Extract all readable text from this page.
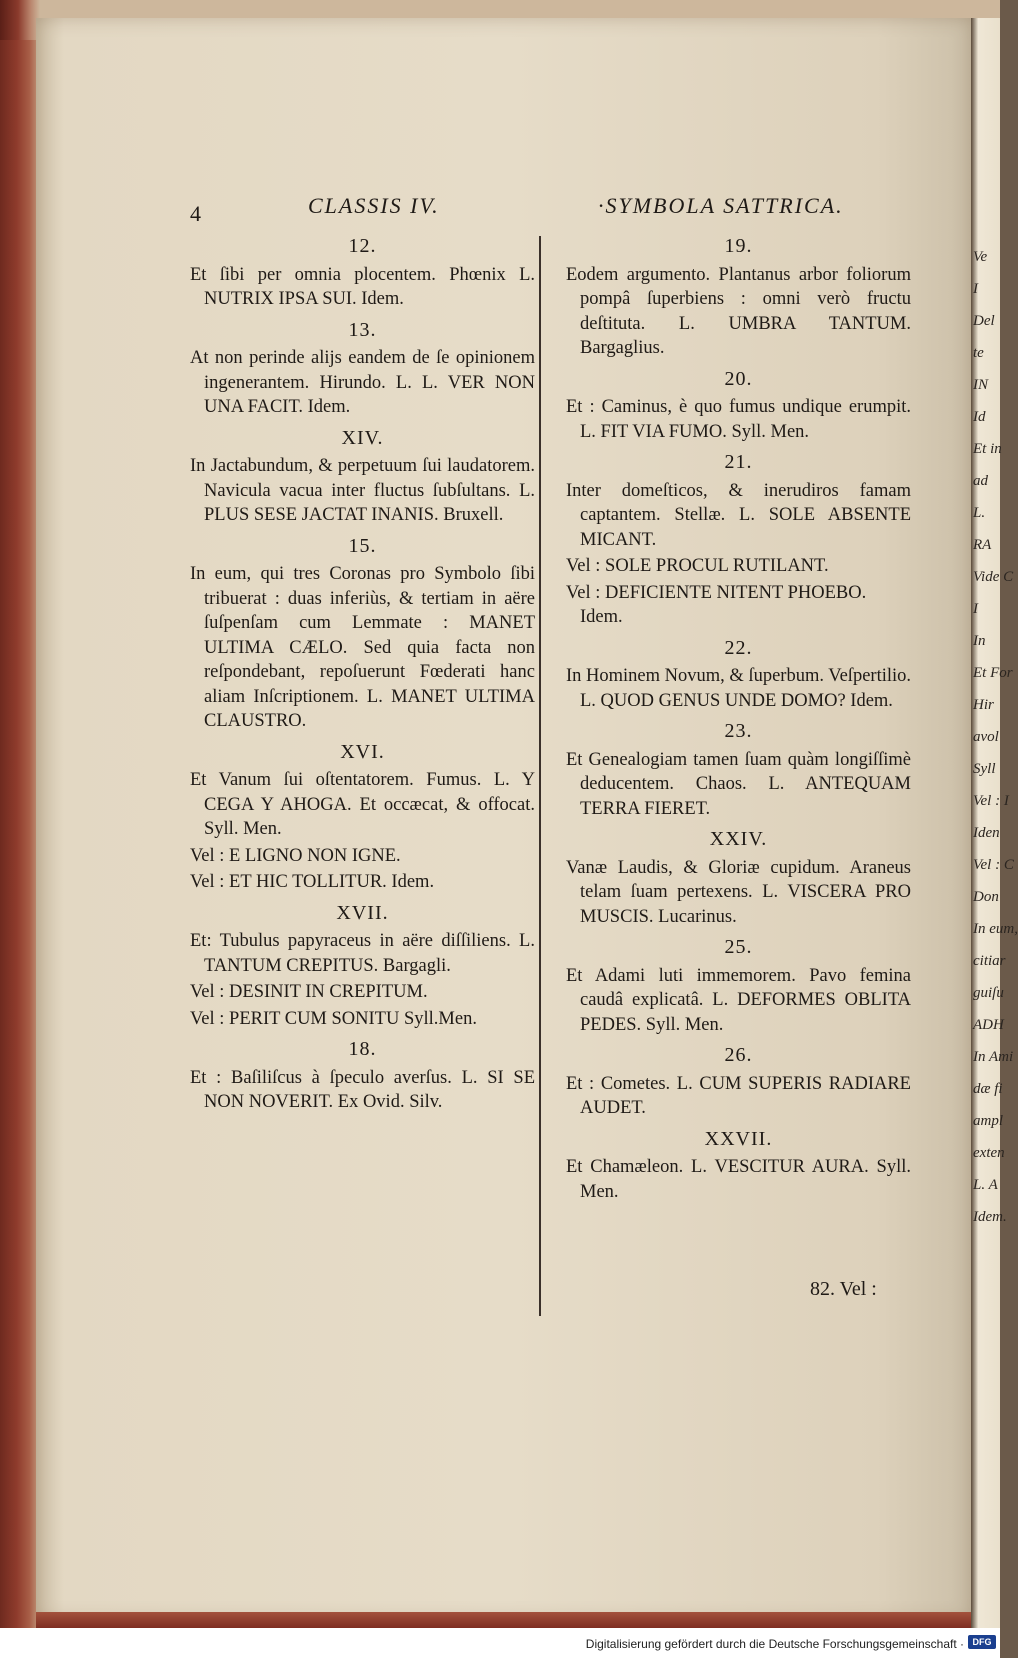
Ve
I
Del
te
IN
Id
Et in
ad
L.
RA
Vide C
I
In
Et For
Hir
avol
Syll
Vel : I
Iden
Vel : C
Don
In eum,
citiar
guiſu
ADH
In Ami
dæ fi
ampl
exten
L. A
Idem.
4	CLASSIS IV.	·SYMBOLA SATTRICA.
12.
Et ſibi per omnia plocentem. Phœnix L. NUTRIX IPSA SUI. Idem.
13.
At non perinde alijs eandem de ſe opinionem ingenerantem. Hirundo. L. L. VER NON UNA FACIT. Idem.
XIV.
In Jactabundum, & perpetuum ſui laudatorem. Navicula vacua inter fluctus ſubſultans. L. PLUS SESE JACTAT INANIS. Bruxell.
15.
In eum, qui tres Coronas pro Symbolo ſibi tribuerat : duas inferiùs, & tertiam in aëre ſuſpenſam cum Lemmate : MANET ULTIMA CÆLO. Sed quia facta non reſpondebant, repoſuerunt Fœderati hanc aliam Inſcriptionem. L. MANET ULTIMA CLAUSTRO.
XVI.
Et Vanum ſui oſtentatorem. Fumus. L. Y CEGA Y AHOGA. Et occæcat, & offocat. Syll. Men.
Vel : E LIGNO NON IGNE.
Vel : ET HIC TOLLITUR. Idem.
XVII.
Et: Tubulus papyraceus in aëre diſſiliens. L. TANTUM CREPITUS. Bargagli.
Vel : DESINIT IN CREPITUM.
Vel : PERIT CUM SONITU Syll.Men.
18.
Et : Baſiliſcus à ſpeculo averſus. L. SI SE NON NOVERIT. Ex Ovid. Silv.
19.
Eodem argumento. Plantanus arbor foliorum pompâ ſuperbiens : omni verò fructu deſtituta. L. UMBRA TANTUM. Bargaglius.
20.
Et : Caminus, è quo fumus undique erumpit. L. FIT VIA FUMO. Syll. Men.
21.
Inter domeſticos, & inerudiros famam captantem. Stellæ. L. SOLE ABSENTE MICANT.
Vel : SOLE PROCUL RUTILANT.
Vel : DEFICIENTE NITENT PHOEBO. Idem.
22.
In Hominem Novum, & ſuperbum. Veſpertilio. L. QUOD GENUS UNDE DOMO? Idem.
23.
Et Genealogiam tamen ſuam quàm longiſſimè deducentem. Chaos. L. ANTEQUAM TERRA FIERET.
XXIV.
Vanæ Laudis, & Gloriæ cupidum. Araneus telam ſuam pertexens. L. VISCERA PRO MUSCIS. Lucarinus.
25.
Et Adami luti immemorem. Pavo femina caudâ explicatâ. L. DEFORMES OBLITA PEDES. Syll. Men.
26.
Et : Cometes. L. CUM SUPERIS RADIARE AUDET.
XXVII.
Et Chamæleon. L. VESCITUR AURA. Syll. Men.
82. Vel :
Digitalisierung gefördert durch die Deutsche Forschungsgemeinschaft · DFG
